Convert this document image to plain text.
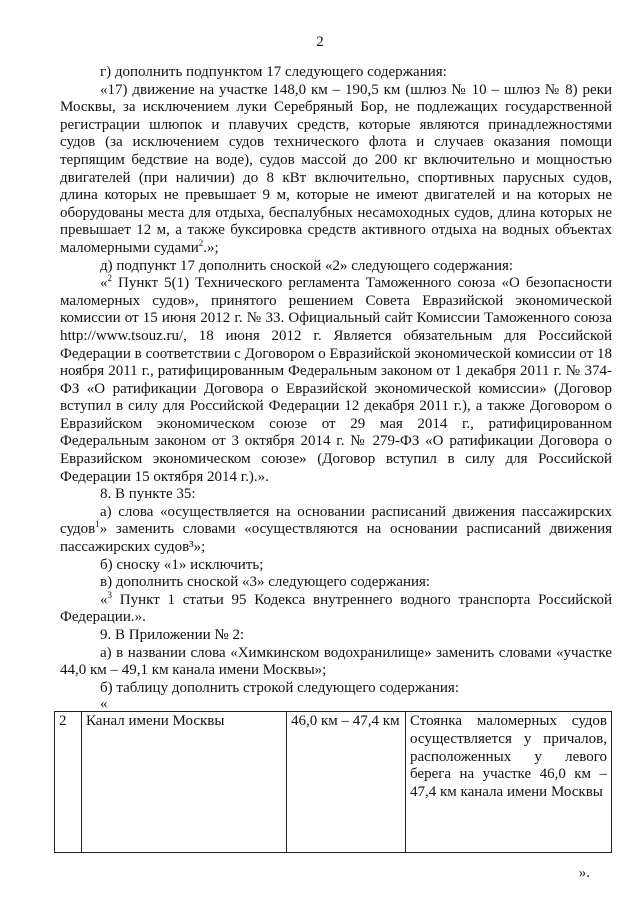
2

г) дополнить подпунктом 17 следующего содержания:

«17) движение на участке 148,0 км – 190,5 км (шлюз № 10 – шлюз № 8) реки Москвы, за исключением луки Серебряный Бор, не подлежащих государственной регистрации шлюпок и плавучих средств, которые являются принадлежностями судов (за исключением судов технического флота и случаев оказания помощи терпящим бедствие на воде), судов массой до 200 кг включительно и мощностью двигателей (при наличии) до 8 кВт включительно, спортивных парусных судов, длина которых не превышает 9 м, которые не имеют двигателей и на которых не оборудованы места для отдыха, беспалубных несамоходных судов, длина которых не превышает 12 м, а также буксировка средств активного отдыха на водных объектах маломерными судами$^2$.»;

д) подпункт 17 дополнить сноской «2» следующего содержания:

«$^2$ Пункт 5(1) Технического регламента Таможенного союза «О безопасности маломерных судов», принятого решением Совета Евразийской экономической комиссии от 15 июня 2012 г. № 33. Официальный сайт Комиссии Таможенного союза http://www.tsouz.ru/, 18 июня 2012 г. Является обязательным для Российской Федерации в соответствии с Договором о Евразийской экономической комиссии от 18 ноября 2011 г., ратифицированным Федеральным законом от 1 декабря 2011 г. № 374-ФЗ «О ратификации Договора о Евразийской экономической комиссии» (Договор вступил в силу для Российской Федерации 12 декабря 2011 г.), а также Договором о Евразийском экономическом союзе от 29 мая 2014 г., ратифицированном Федеральным законом от 3 октября 2014 г. № 279-ФЗ «О ратификации Договора о Евразийском экономическом союзе» (Договор вступил в силу для Российской Федерации 15 октября 2014 г.).».

8. В пункте 35:

а) слова «осуществляется на основании расписаний движения пассажирских судов$^1$» заменить словами «осуществляются на основании расписаний движения пассажирских судов³»;

б) сноску «1» исключить;

в) дополнить сноской «3» следующего содержания:

«$^3$ Пункт 1 статьи 95 Кодекса внутреннего водного транспорта Российской Федерации.».

9. В Приложении № 2:

а) в названии слова «Химкинском водохранилище» заменить словами «участке 44,0 км – 49,1 км канала имени Москвы»;

б) таблицу дополнить строкой следующего содержания:

«

2	Канал имени Москвы	46,0 км – 47,4 км	Стоянка маломерных судов осуществляется у причалов, расположенных у левого берега на участке 46,0 км – 47,4 км канала имени Москвы
».
